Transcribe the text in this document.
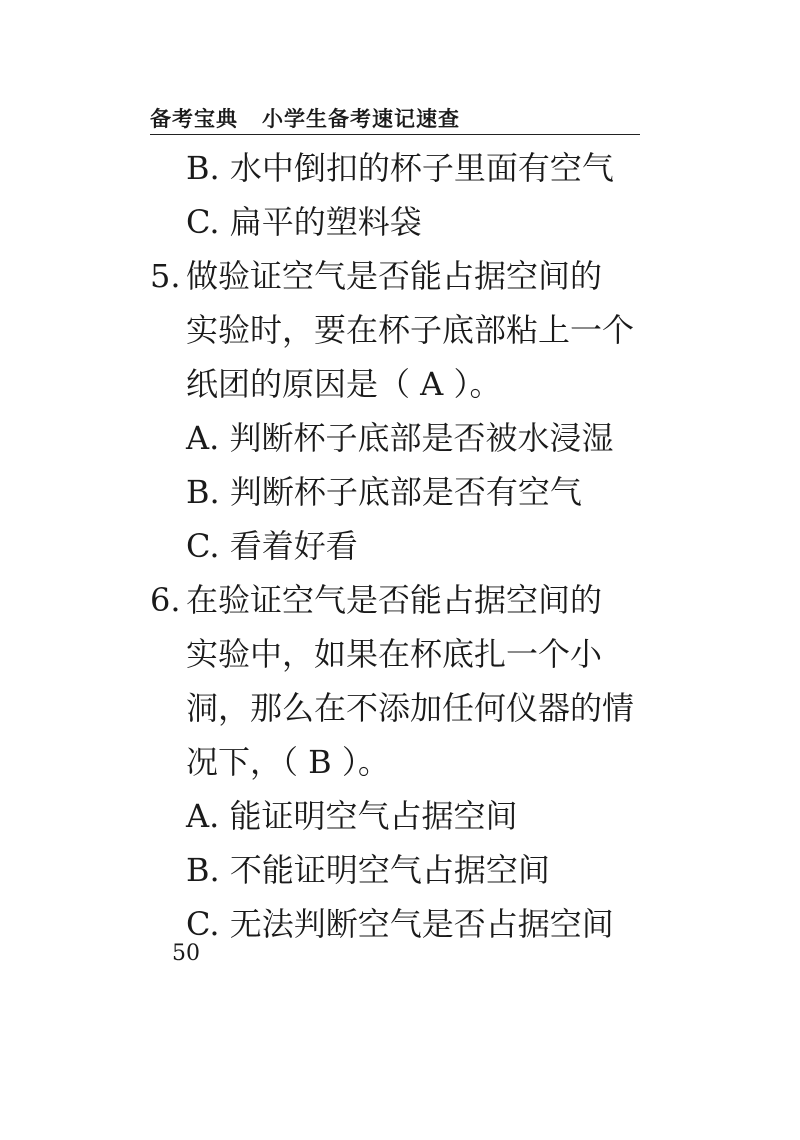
备考宝典 小学生备考速记速查
B. 水中倒扣的杯子里面有空气
C. 扁平的塑料袋
5. 做验证空气是否能占据空间的
实验时，要在杯子底部粘上一个
纸团的原因是（ A ）。
A. 判断杯子底部是否被水浸湿
B. 判断杯子底部是否有空气
C. 看着好看
6. 在验证空气是否能占据空间的
实验中，如果在杯底扎一个小
洞，那么在不添加任何仪器的情
况下，（ B ）。
A. 能证明空气占据空间
B. 不能证明空气占据空间
C. 无法判断空气是否占据空间
50
